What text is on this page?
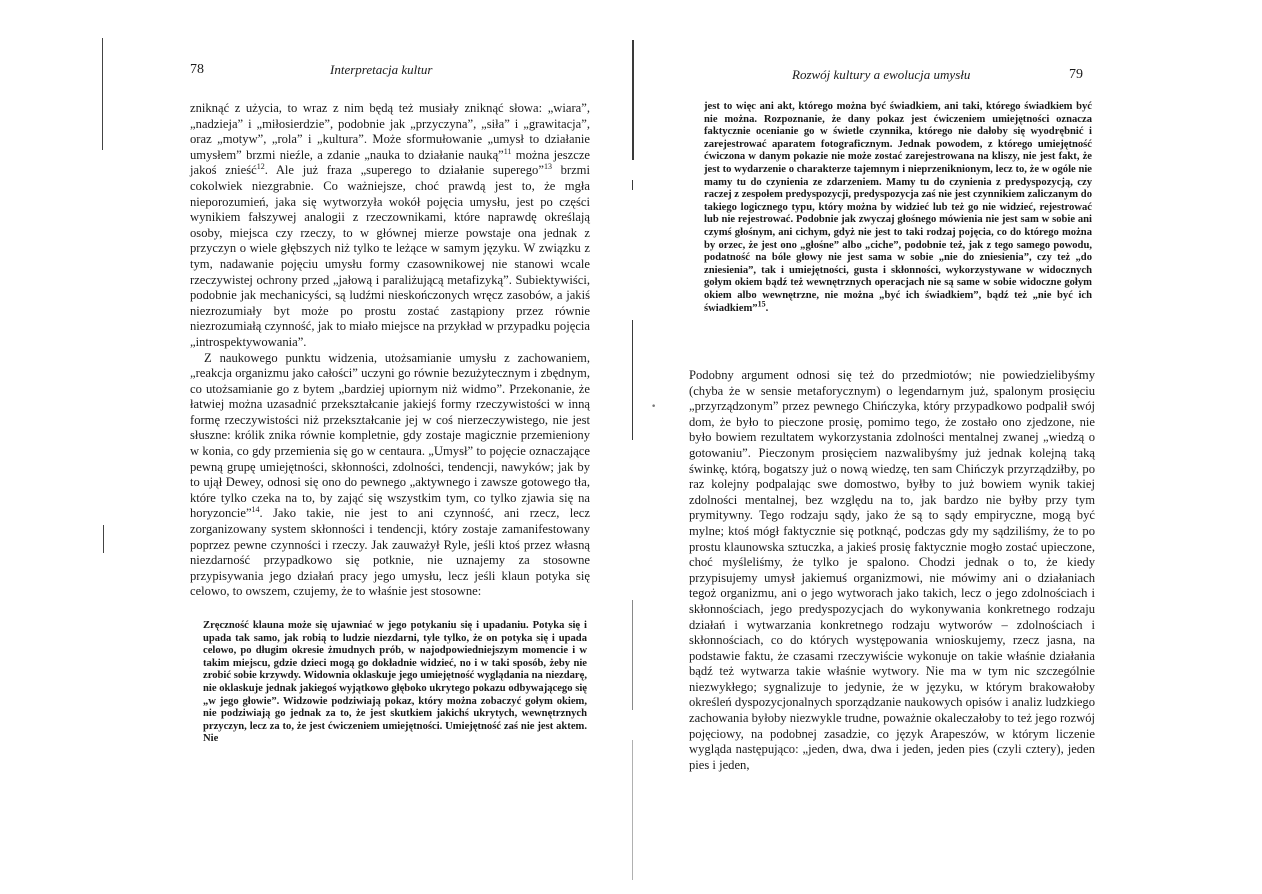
78	Interpretacja kultur

zniknąć z użycia, to wraz z nim będą też musiały zniknąć słowa: „wiara”, „nadzieja” i „miłosierdzie”, podobnie jak „przyczyna”, „siła” i „grawitacja”, oraz „motyw”, „rola” i „kultura”. Może sformułowanie „umysł to działanie umysłem” brzmi nieźle, a zdanie „nauka to działanie nauką”$^{11}$ można jeszcze jakoś znieść$^{12}$. Ale już fraza „superego to działanie superego”$^{13}$ brzmi cokolwiek niezgrabnie. Co ważniejsze, choć prawdą jest to, że mgła nieporozumień, jaka się wytworzyła wokół pojęcia umysłu, jest po części wynikiem fałszywej analogii z rzeczownikami, które naprawdę określają osoby, miejsca czy rzeczy, to w głównej mierze powstaje ona jednak z przyczyn o wiele głębszych niż tylko te leżące w samym języku. W związku z tym, nadawanie pojęciu umysłu formy czasownikowej nie stanowi wcale rzeczywistej ochrony przed „jałową i paraliżującą metafizyką”. Subiektywiści, podobnie jak mechanicyści, są ludźmi nieskończonych wręcz zasobów, a jakiś niezrozumiały byt może po prostu zostać zastąpiony przez równie niezrozumiałą czynność, jak to miało miejsce na przykład w przypadku pojęcia „introspektywowania”.

Z naukowego punktu widzenia, utożsamianie umysłu z zachowaniem, „reakcja organizmu jako całości” uczyni go równie bezużytecznym i zbędnym, co utożsamianie go z bytem „bardziej upiornym niż widmo”. Przekonanie, że łatwiej można uzasadnić przekształcanie jakiejś formy rzeczywistości w inną formę rzeczywistości niż przekształcanie jej w coś nierzeczywistego, nie jest słuszne: królik znika równie kompletnie, gdy zostaje magicznie przemieniony w konia, co gdy przemienia się go w centaura. „Umysł” to pojęcie oznaczające pewną grupę umiejętności, skłonności, zdolności, tendencji, nawyków; jak by to ujął Dewey, odnosi się ono do pewnego „aktywnego i zawsze gotowego tła, które tylko czeka na to, by zająć się wszystkim tym, co tylko zjawia się na horyzoncie”$^{14}$. Jako takie, nie jest to ani czynność, ani rzecz, lecz zorganizowany system skłonności i tendencji, który zostaje zamanifestowany poprzez pewne czynności i rzeczy. Jak zauważył Ryle, jeśli ktoś przez własną niezdarność przypadkowo się potknie, nie uznajemy za stosowne przypisywania jego działań pracy jego umysłu, lecz jeśli klaun potyka się celowo, to owszem, czujemy, że to właśnie jest stosowne:

Zręczność klauna może się ujawniać w jego potykaniu się i upadaniu. Potyka się i upada tak samo, jak robią to ludzie niezdarni, tyle tylko, że on potyka się i upada celowo, po długim okresie żmudnych prób, w najodpowiedniejszym momencie i w takim miejscu, gdzie dzieci mogą go dokładnie widzieć, no i w taki sposób, żeby nie zrobić sobie krzywdy. Widownia oklaskuje jego umiejętność wyglądania na niezdarę, nie oklaskuje jednak jakiegoś wyjątkowo głęboko ukrytego pokazu odbywającego się „w jego głowie”. Widzowie podziwiają pokaz, który można zobaczyć gołym okiem, nie podziwiają go jednak za to, że jest skutkiem jakichś ukrytych, wewnętrznych przyczyn, lecz za to, że jest ćwiczeniem umiejętności. Umiejętność zaś nie jest aktem. Nie

•
Rozwój kultury a ewolucja umysłu	79

jest to więc ani akt, którego można być świadkiem, ani taki, którego świadkiem być nie można. Rozpoznanie, że dany pokaz jest ćwiczeniem umiejętności oznacza faktycznie ocenianie go w świetle czynnika, którego nie dałoby się wyodrębnić i zarejestrować aparatem fotograficznym. Jednak powodem, z którego umiejętność ćwiczona w danym pokazie nie może zostać zarejestrowana na kliszy, nie jest fakt, że jest to wydarzenie o charakterze tajemnym i nieprzeniknionym, lecz to, że w ogóle nie mamy tu do czynienia ze zdarzeniem. Mamy tu do czynienia z predyspozycją, czy raczej z zespołem predyspozycji, predyspozycja zaś nie jest czynnikiem zaliczanym do takiego logicznego typu, który można by widzieć lub też go nie widzieć, rejestrować lub nie rejestrować. Podobnie jak zwyczaj głośnego mówienia nie jest sam w sobie ani czymś głośnym, ani cichym, gdyż nie jest to taki rodzaj pojęcia, co do którego można by orzec, że jest ono „głośne” albo „ciche”, podobnie też, jak z tego samego powodu, podatność na bóle głowy nie jest sama w sobie „nie do zniesienia”, czy też „do zniesienia”, tak i umiejętności, gusta i skłonności, wykorzystywane w widocznych gołym okiem bądź też wewnętrznych operacjach nie są same w sobie widoczne gołym okiem albo wewnętrzne, nie można „być ich świadkiem”, bądź też „nie być ich świadkiem”$^{15}$.

Podobny argument odnosi się też do przedmiotów; nie powiedzielibyśmy (chyba że w sensie metaforycznym) o legendarnym już, spalonym prosięciu „przyrządzonym” przez pewnego Chińczyka, który przypadkowo podpalił swój dom, że było to pieczone prosię, pomimo tego, że zostało ono zjedzone, nie było bowiem rezultatem wykorzystania zdolności mentalnej zwanej „wiedzą o gotowaniu”. Pieczonym prosięciem nazwalibyśmy już jednak kolejną taką świnkę, którą, bogatszy już o nową wiedzę, ten sam Chińczyk przyrządziłby, po raz kolejny podpalając swe domostwo, byłby to już bowiem wynik takiej zdolności mentalnej, bez względu na to, jak bardzo nie byłby przy tym prymitywny. Tego rodzaju sądy, jako że są to sądy empiryczne, mogą być mylne; ktoś mógł faktycznie się potknąć, podczas gdy my sądziliśmy, że to po prostu klaunowska sztuczka, a jakieś prosię faktycznie mogło zostać upieczone, choć myśleliśmy, że tylko je spalono. Chodzi jednak o to, że kiedy przypisujemy umysł jakiemuś organizmowi, nie mówimy ani o działaniach tegoż organizmu, ani o jego wytworach jako takich, lecz o jego zdolnościach i skłonnościach, jego predyspozycjach do wykonywania konkretnego rodzaju działań i wytwarzania konkretnego rodzaju wytworów – zdolnościach i skłonnościach, co do których występowania wnioskujemy, rzecz jasna, na podstawie faktu, że czasami rzeczywiście wykonuje on takie właśnie działania bądź też wytwarza takie właśnie wytwory. Nie ma w tym nic szczególnie niezwykłego; sygnalizuje to jedynie, że w języku, w którym brakowałoby określeń dyspozycjonalnych sporządzanie naukowych opisów i analiz ludzkiego zachowania byłoby niezwykle trudne, poważnie okaleczałoby to też jego rozwój pojęciowy, na podobnej zasadzie, co język Arapeszów, w którym liczenie wygląda następująco: „jeden, dwa, dwa i jeden, jeden pies (czyli cztery), jeden pies i jeden,
